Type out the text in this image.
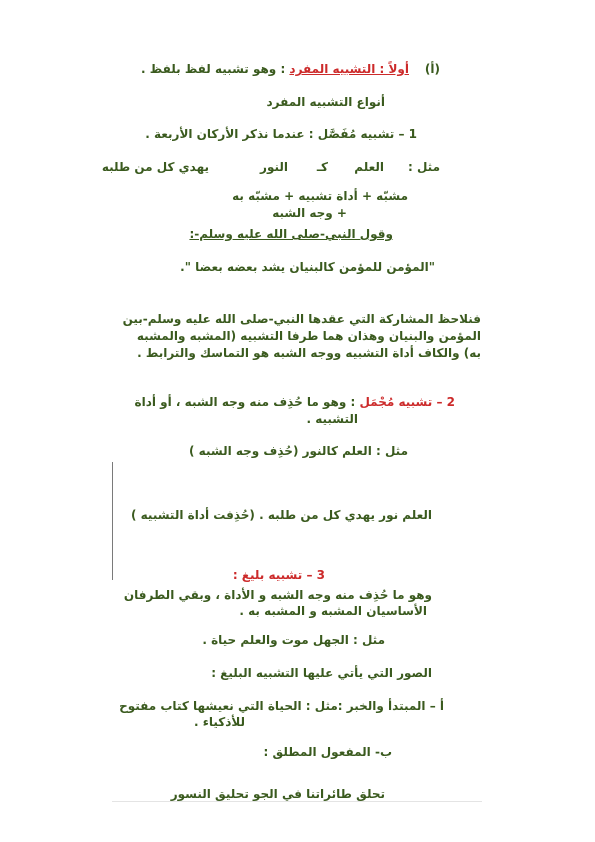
(أ)
أولاً : التشبيه المفرد : وهو تشبيه لفظ بلفظ .
أنواع التشبيه المفرد
1 – تشبيه مُفَصَّل : عندما نذكر الأركان الأربعة .
مثل :
العلم
كـ
النور
يهدي كل من طلبه
مشبّه + أداة تشبيه + مشبّه به
+ وجه الشبه
وقول النبي-صلى الله عليه وسلم-:
"المؤمن للمؤمن كالبنيان يشد بعضه بعضا ".
فنلاحظ المشاركة التي عقدها النبي-صلى الله عليه وسلم-بين
المؤمن والبنيان وهذان هما طرفا التشبيه (المشبه والمشبه
به) والكاف أداة التشبيه ووجه الشبه هو التماسك والترابط .
2 – تشبيه مُجْمَل : وهو ما حُذِف منه وجه الشبه ، أو أداة
التشبيه .
مثل : العلم كالنور (حُذِف وجه الشبه )
العلم نور يهدي كل من طلبه . (حُذِفت أداة التشبيه )
3 – تشبيه بليغ :
وهو ما حُذِف منه وجه الشبه و الأداة ، وبقي الطرفان
الأساسيان المشبه و المشبه به .
مثل : الجهل موت والعلم حياة .
الصور التي يأتي عليها التشبيه البليغ :
أ – المبتدأ والخبر :مثل : الحياة التي نعيشها كتاب مفتوح
للأذكياء .
ب- المفعول المطلق :
تحلق طائراتنا في الجو تحليق النسور
